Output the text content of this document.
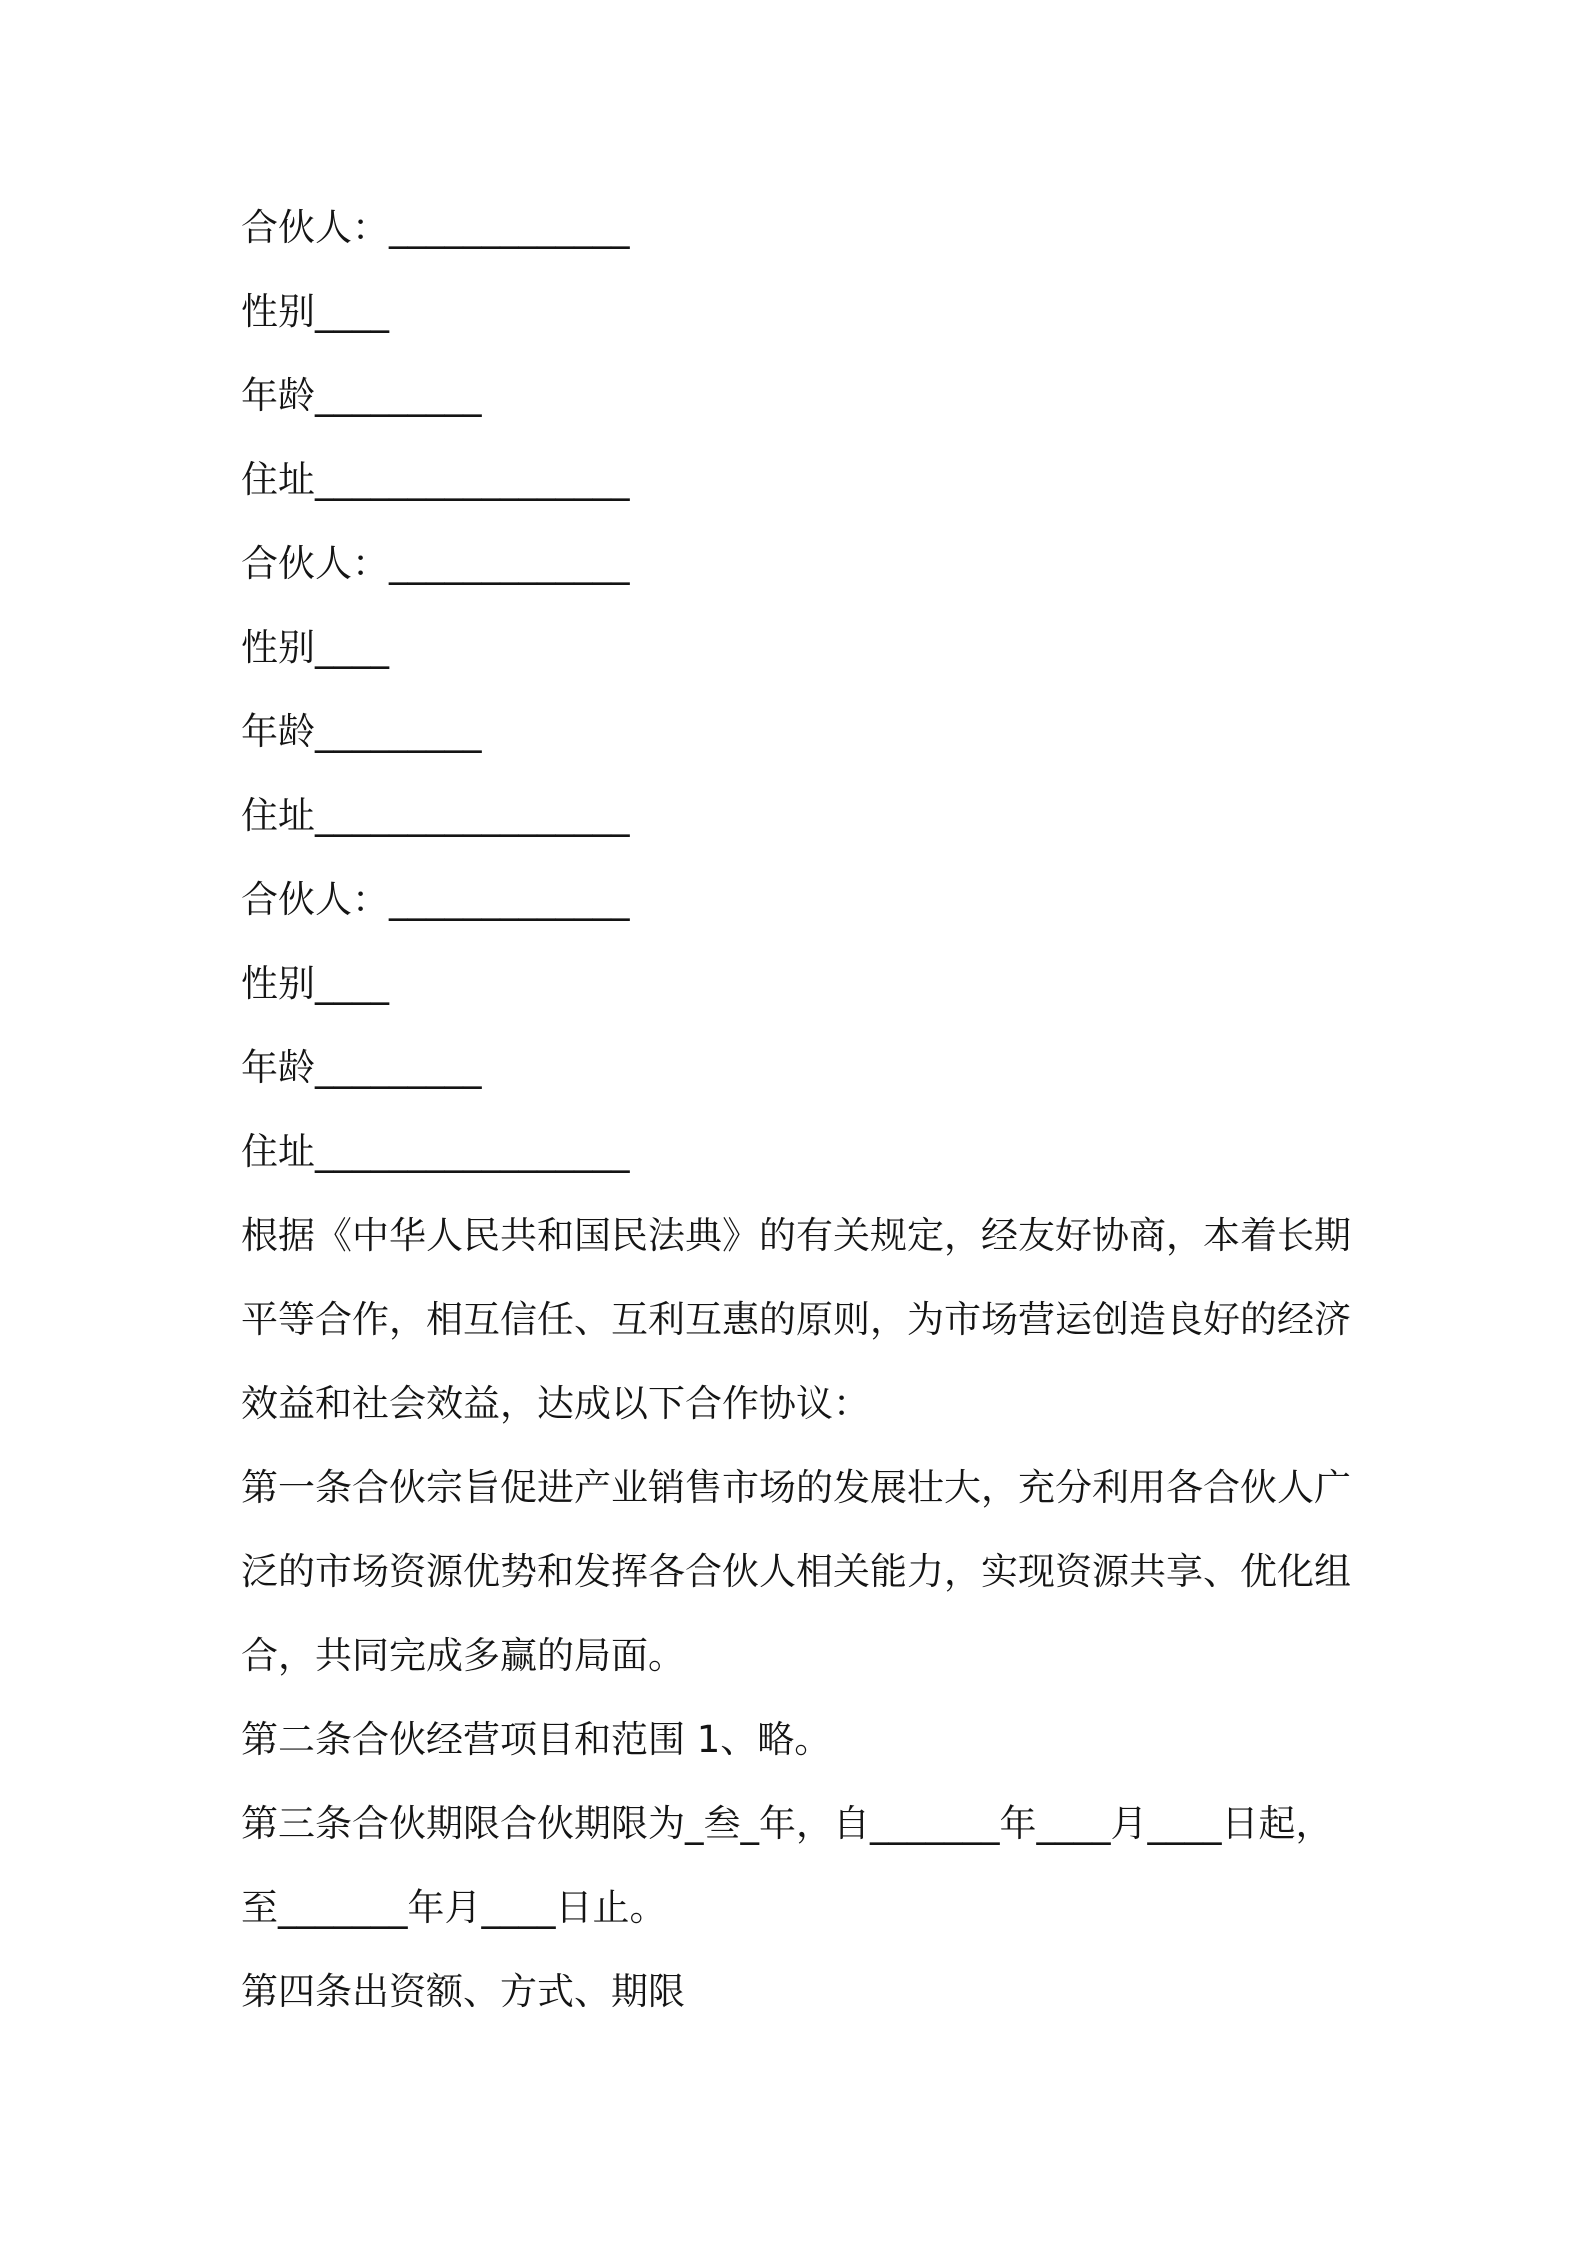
合伙人：_____________

性别____

年龄_________

住址_________________

合伙人：_____________

性别____

年龄_________

住址_________________

合伙人：_____________

性别____

年龄_________

住址_________________

根据《中华人民共和国民法典》的有关规定，经友好协商，本着长期

平等合作，相互信任、互利互惠的原则，为市场营运创造良好的经济

效益和社会效益，达成以下合作协议：

第一条合伙宗旨促进产业销售市场的发展壮大，充分利用各合伙人广

泛的市场资源优势和发挥各合伙人相关能力，实现资源共享、优化组

合，共同完成多赢的局面。

第二条合伙经营项目和范围 1、略。

第三条合伙期限合伙期限为_叁_年，自_______年____月____日起，

至_______年月____日止。

第四条出资额、方式、期限
